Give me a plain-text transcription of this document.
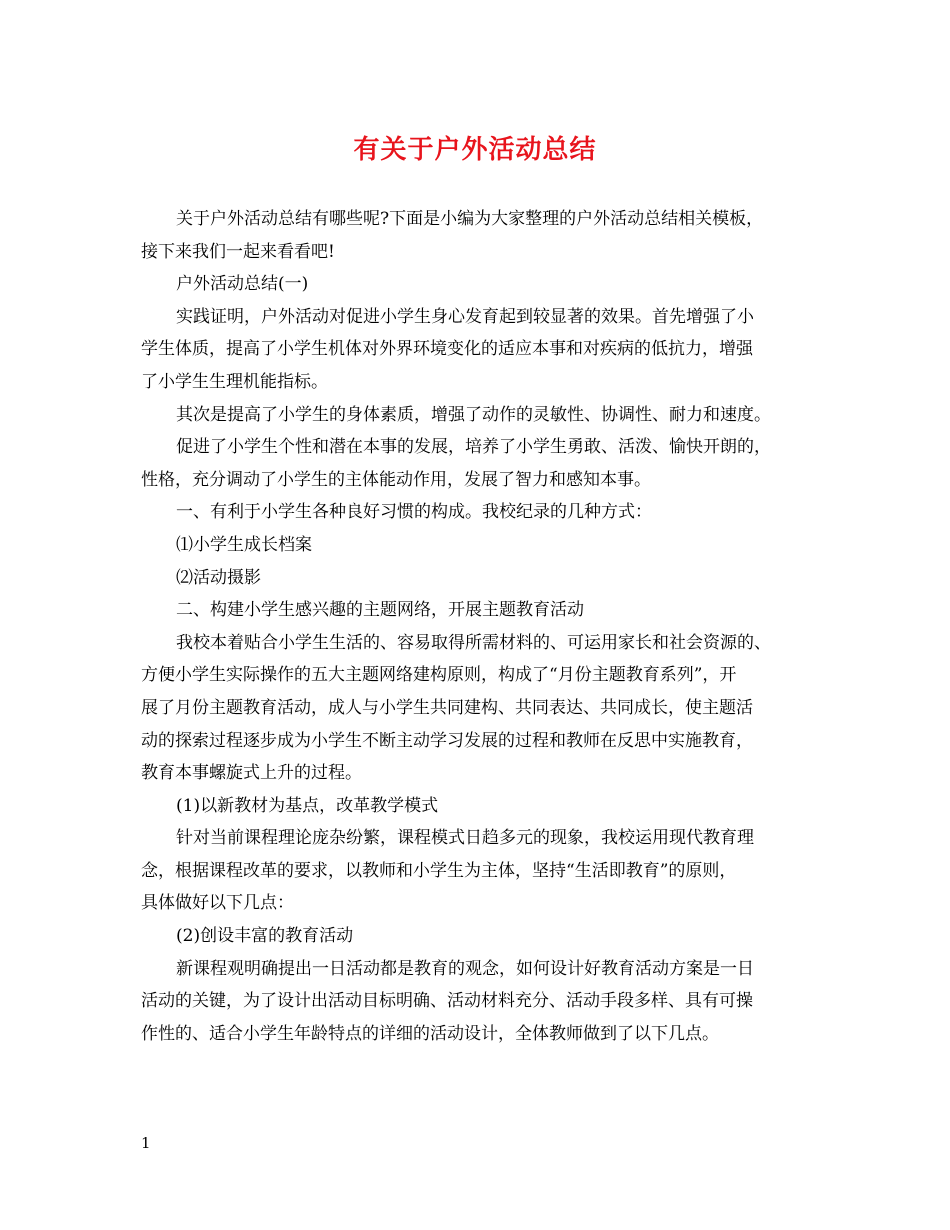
有关于户外活动总结
关于户外活动总结有哪些呢?下面是小编为大家整理的户外活动总结相关模板，
接下来我们一起来看看吧!
户外活动总结(一)
实践证明，户外活动对促进小学生身心发育起到较显著的效果。首先增强了小
学生体质，提高了小学生机体对外界环境变化的适应本事和对疾病的低抗力，增强
了小学生生理机能指标。
其次是提高了小学生的身体素质，增强了动作的灵敏性、协调性、耐力和速度。
促进了小学生个性和潜在本事的发展，培养了小学生勇敢、活泼、愉快开朗的，
性格，充分调动了小学生的主体能动作用，发展了智力和感知本事。
一、有利于小学生各种良好习惯的构成。我校纪录的几种方式：
⑴小学生成长档案
⑵活动摄影
二、构建小学生感兴趣的主题网络，开展主题教育活动
我校本着贴合小学生生活的、容易取得所需材料的、可运用家长和社会资源的、
方便小学生实际操作的五大主题网络建构原则，构成了“月份主题教育系列”，开
展了月份主题教育活动，成人与小学生共同建构、共同表达、共同成长，使主题活
动的探索过程逐步成为小学生不断主动学习发展的过程和教师在反思中实施教育，
教育本事螺旋式上升的过程。
(1)以新教材为基点，改革教学模式
针对当前课程理论庞杂纷繁，课程模式日趋多元的现象，我校运用现代教育理
念，根据课程改革的要求，以教师和小学生为主体，坚持“生活即教育”的原则，
具体做好以下几点：
(2)创设丰富的教育活动
新课程观明确提出一日活动都是教育的观念，如何设计好教育活动方案是一日
活动的关键，为了设计出活动目标明确、活动材料充分、活动手段多样、具有可操
作性的、适合小学生年龄特点的详细的活动设计，全体教师做到了以下几点。
1
